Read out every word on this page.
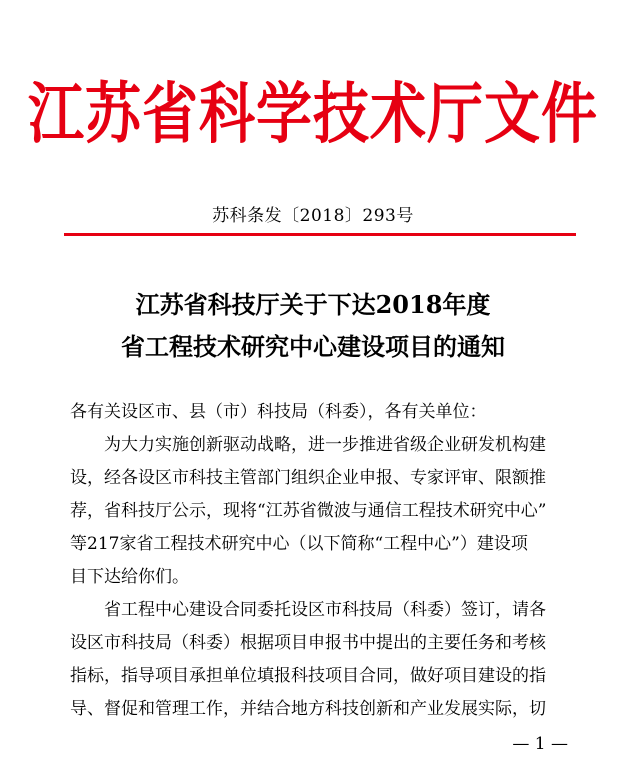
江苏省科学技术厅文件
苏科条发〔2018〕293号
江苏省科技厅关于下达2018年度
省工程技术研究中心建设项目的通知
各有关设区市、县（市）科技局（科委），各有关单位：
　　为大力实施创新驱动战略，进一步推进省级企业研发机构建
设，经各设区市科技主管部门组织企业申报、专家评审、限额推
荐，省科技厅公示，现将“江苏省微波与通信工程技术研究中心”
等217家省工程技术研究中心（以下简称“工程中心”）建设项
目下达给你们。
　　省工程中心建设合同委托设区市科技局（科委）签订，请各
设区市科技局（科委）根据项目申报书中提出的主要任务和考核
指标，指导项目承担单位填报科技项目合同，做好项目建设的指
导、督促和管理工作，并结合地方科技创新和产业发展实际，切
— 1 —
